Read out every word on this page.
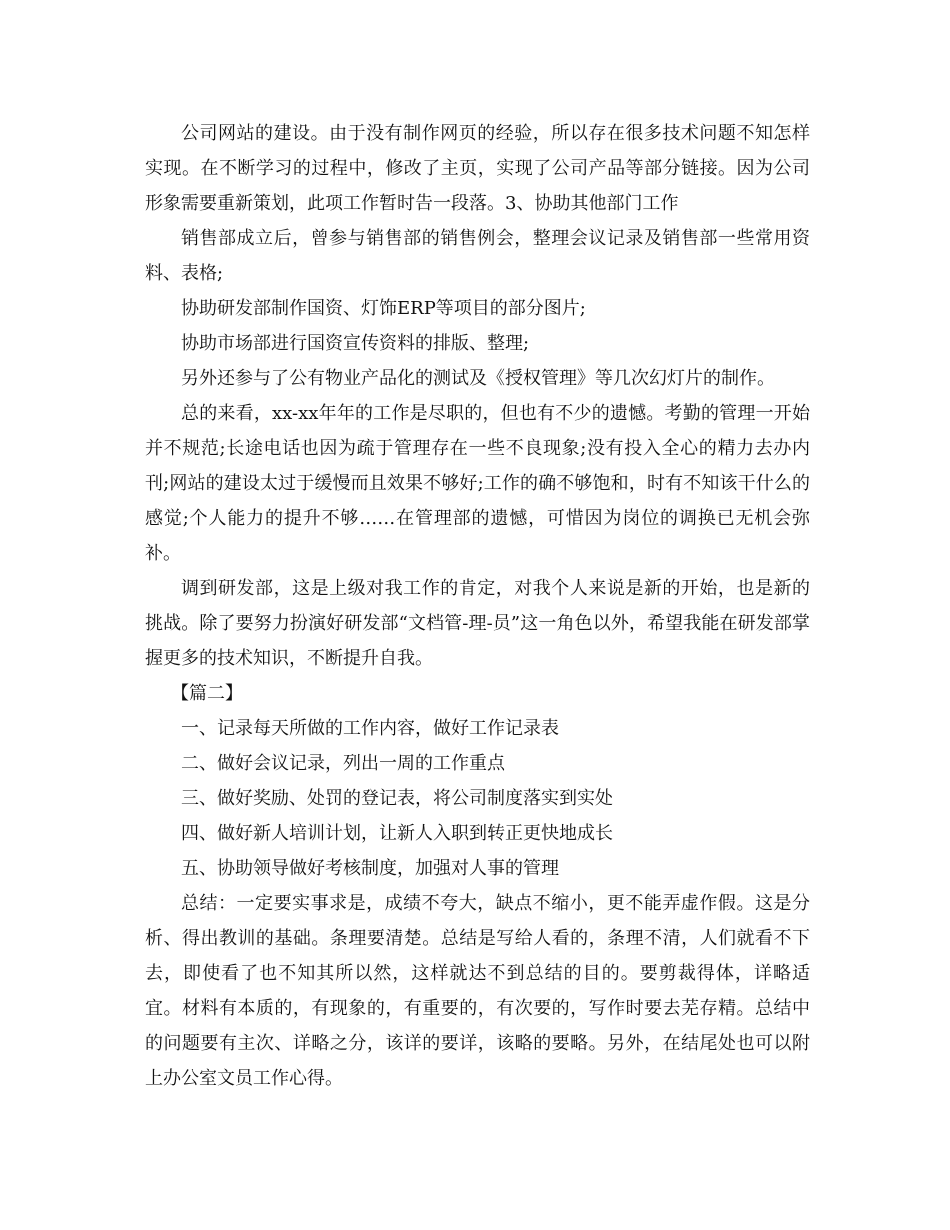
公司网站的建设。由于没有制作网页的经验，所以存在很多技术问题不知怎样实现。在不断学习的过程中，修改了主页，实现了公司产品等部分链接。因为公司形象需要重新策划，此项工作暂时告一段落。3、协助其他部门工作

销售部成立后，曾参与销售部的销售例会，整理会议记录及销售部一些常用资料、表格;

协助研发部制作国资、灯饰ERP等项目的部分图片;

协助市场部进行国资宣传资料的排版、整理;

另外还参与了公有物业产品化的测试及《授权管理》等几次幻灯片的制作。

总的来看，xx-xx年年的工作是尽职的，但也有不少的遗憾。考勤的管理一开始并不规范;长途电话也因为疏于管理存在一些不良现象;没有投入全心的精力去办内刊;网站的建设太过于缓慢而且效果不够好;工作的确不够饱和，时有不知该干什么的感觉;个人能力的提升不够……在管理部的遗憾，可惜因为岗位的调换已无机会弥补。

调到研发部，这是上级对我工作的肯定，对我个人来说是新的开始，也是新的挑战。除了要努力扮演好研发部“文档管-理-员”这一角色以外，希望我能在研发部掌握更多的技术知识，不断提升自我。

【篇二】

一、记录每天所做的工作内容，做好工作记录表

二、做好会议记录，列出一周的工作重点

三、做好奖励、处罚的登记表，将公司制度落实到实处

四、做好新人培训计划，让新人入职到转正更快地成长

五、协助领导做好考核制度，加强对人事的管理

总结：一定要实事求是，成绩不夸大，缺点不缩小，更不能弄虚作假。这是分析、得出教训的基础。条理要清楚。总结是写给人看的，条理不清，人们就看不下去，即使看了也不知其所以然，这样就达不到总结的目的。要剪裁得体，详略适宜。材料有本质的，有现象的，有重要的，有次要的，写作时要去芜存精。总结中的问题要有主次、详略之分，该详的要详，该略的要略。另外，在结尾处也可以附上办公室文员工作心得。
